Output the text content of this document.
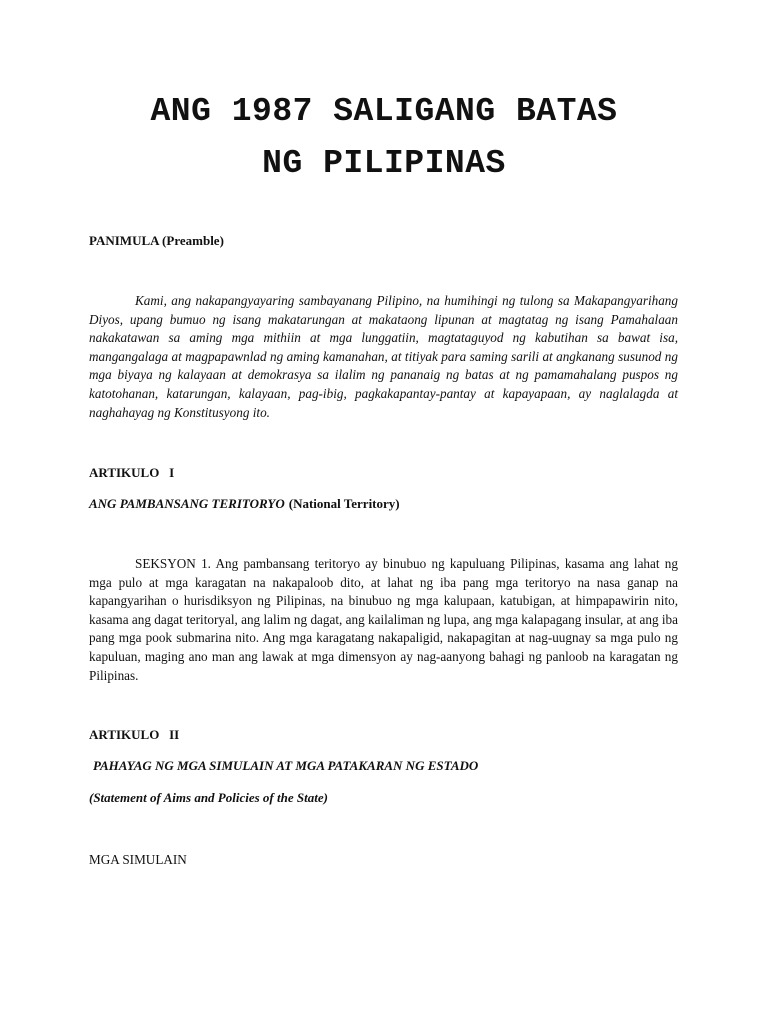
ANG 1987 SALIGANG BATAS
NG PILIPINAS
PANIMULA (Preamble)
Kami, ang nakapangyayaring sambayanang Pilipino, na humihingi ng tulong sa Makapangyarihang Diyos, upang bumuo ng isang makatarungan at makataong lipunan at magtatag ng isang Pamahalaan nakakatawan sa aming mga mithiin at mga lunggatiin, magtataguyod ng kabutihan sa bawat isa, mangangalaga at magpapawnlad ng aming kamanahan, at titiyak para saming sarili at angkanang susunod ng mga biyaya ng kalayaan at demokrasya sa ilalim ng pananaig ng batas at ng pamamahalang puspos ng katotohanan, katarungan, kalayaan, pag-ibig, pagkakapantay-pantay at kapayapaan, ay naglalagda at naghahayag ng Konstitusyong ito.
ARTIKULO   I
ANG PAMBANSANG TERITORYO (National Territory)
SEKSYON 1. Ang pambansang teritoryo ay binubuo ng kapuluang Pilipinas, kasama ang lahat ng mga pulo at mga karagatan na nakapaloob dito, at lahat ng iba pang mga teritoryo na nasa ganap na kapangyarihan o hurisdiksyon ng Pilipinas, na binubuo ng mga kalupaan, katubigan, at himpapawirin nito, kasama ang dagat teritoryal, ang lalim ng dagat, ang kailaliman ng lupa, ang mga kalapagang insular, at ang iba pang mga pook submarina nito. Ang mga karagatang nakapaligid, nakapagitan at nag-uugnay sa mga pulo ng kapuluan, maging ano man ang lawak at mga dimensyon ay nag-aanyong bahagi ng panloob na karagatan ng Pilipinas.
ARTIKULO   II
PAHAYAG NG MGA SIMULAIN AT MGA PATAKARAN NG ESTADO
(Statement of Aims and Policies of the State)
MGA SIMULAIN
